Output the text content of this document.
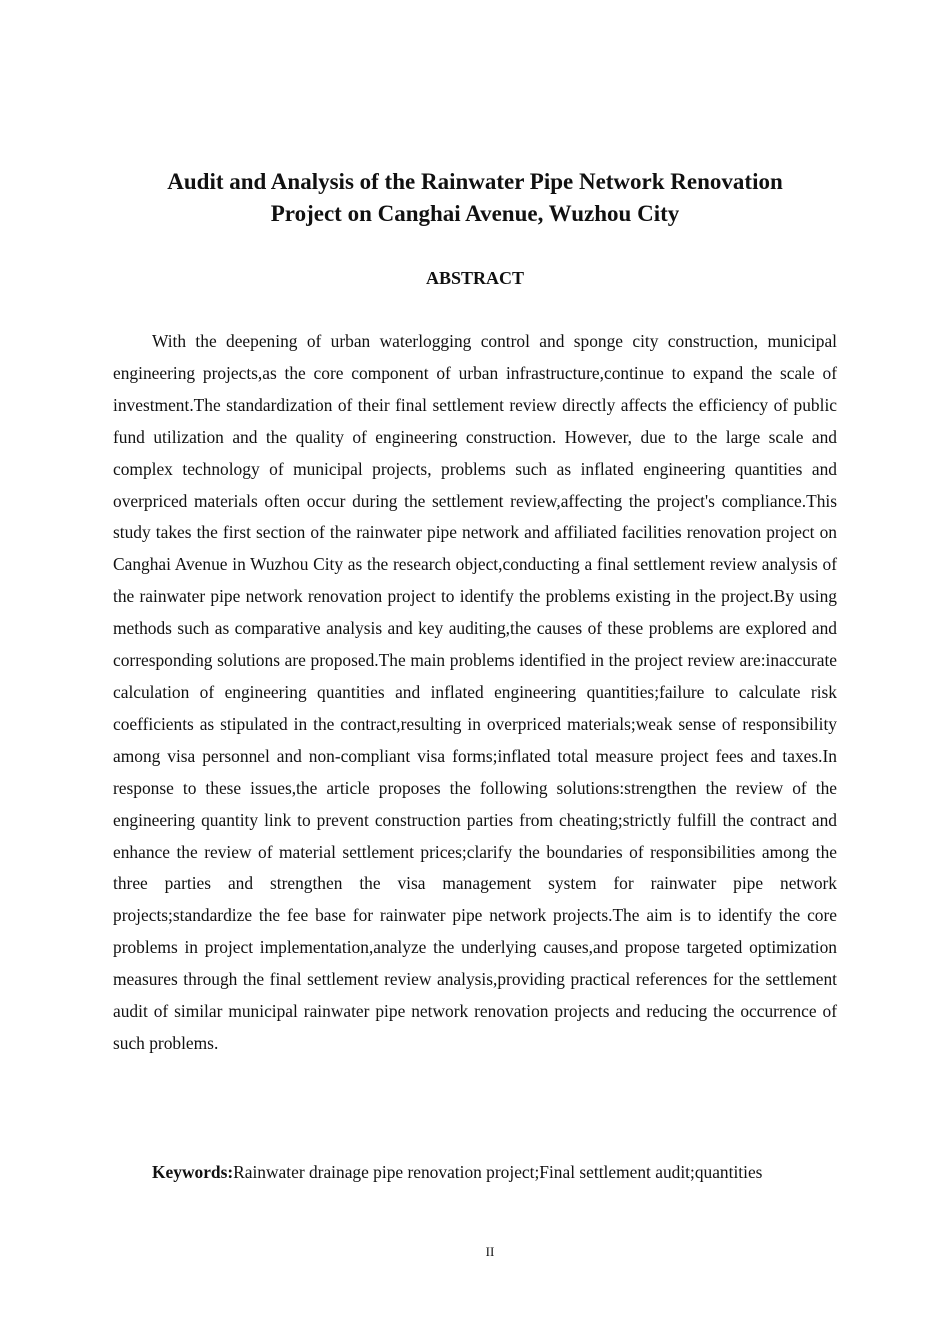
Audit and Analysis of the Rainwater Pipe Network Renovation
Project on Canghai Avenue, Wuzhou City
ABSTRACT

With the deepening of urban waterlogging control and sponge city construction, municipal engineering projects,as the core component of urban infrastructure,continue to expand the scale of investment.The standardization of their final settlement review directly affects the efficiency of public fund utilization and the quality of engineering construction. However, due to the large scale and complex technology of municipal projects, problems such as inflated engineering quantities and overpriced materials often occur during the settlement review,affecting the project's compliance.This study takes the first section of the rainwater pipe network and affiliated facilities renovation project on Canghai Avenue in Wuzhou City as the research object,conducting a final settlement review analysis of the rainwater pipe network renovation project to identify the problems existing in the project.By using methods such as comparative analysis and key auditing,the causes of these problems are explored and corresponding solutions are proposed.The main problems identified in the project review are:inaccurate calculation of engineering quantities and inflated engineering quantities;failure to calculate risk coefficients as stipulated in the contract,resulting in overpriced materials;weak sense of responsibility among visa personnel and non-compliant visa forms;inflated total measure project fees and taxes.In response to these issues,the article proposes the following solutions:strengthen the review of the engineering quantity link to prevent construction parties from cheating;strictly fulfill the contract and enhance the review of material settlement prices;clarify the boundaries of responsibilities among the three parties and strengthen the visa management system for rainwater pipe network projects;standardize the fee base for rainwater pipe network projects.The aim is to identify the core problems in project implementation,analyze the underlying causes,and propose targeted optimization measures through the final settlement review analysis,providing practical references for the settlement audit of similar municipal rainwater pipe network renovation projects and reducing the occurrence of such problems.

Keywords:Rainwater drainage pipe renovation project;Final settlement audit;quantities

II
